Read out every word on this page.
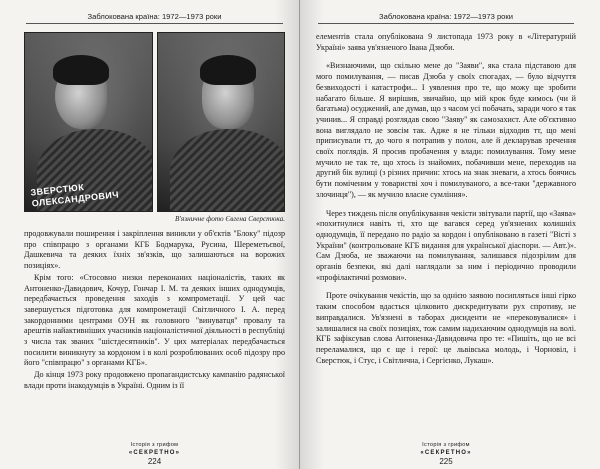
Заблокована країна: 1972—1973 роки
ЗВЕРСТЮК
ОЛЕКСАНДРОВИЧ
В'язничне фото Євгена Сверстюка.

продовжували поширення і закріплення виникли у об'єктів "Блоку" підозр про співпрацю з органами КГБ Бодмарука, Русина, Шереметьєвої, Дашкевича та деяких їхніх зв'язків, що залишаються на ворожих позиціях».

Крім того: «Стосовно низки переконаних націоналістів, таких як Антоненко-Давидович, Кочур, Гончар І. М. та деяких інших однодумців, передбачається проведення заходів з компрометації. У цей час завершується підготовка для компрометації Світличного І. А. перед закордонними центрами ОУН як головного "винуватця" провалу та арештів найактивніших учасників націоналістичної діяльності в республіці з числа так званих "шістдесятників". У цих матеріалах передбачається посилити виникнуту за кордоном і в колі розроблюваних особ підозру про його "співпрацю" з органами КГБ».

До кінця 1973 року продовжено пропагандистську кампанію радянської влади проти інакодумців в Україні. Одним із її

Історія з грифом
«СЕКРЕТНО»
224
Заблокована країна: 1972—1973 роки

елементів стала опублікована 9 листопада 1973 року в «Літературній Україні» заява ув'язненого Івана Дзюби.

«Визнаючими, що скільно мене до "Заяви", яка стала підставою для мого помилування, — писав Дзюба у своїх спогадах, — було відчуття безвиходості і катастрофи... І уявлення про те, що можу ще зробити набагато більше. Я вирішив, звичайно, що мій крок буде кимось (чи й багатьма) осуджений, але думав, що з часом усі побачать, заради чого я так учинив... Я справді розглядав свою "Заяву" як самозахист. Але об'єктивно вона виглядало не зовсім так. Адже я не тільки відходив тт, що мені приписували тт, до чого я потрапив у полон, але й декларував зречення своїх поглядів. Я просив пробачення у влади: помилування. Тому мене мучило не так те, що хтось із знайомих, побачивши мене, переходив на другий бік вулиці (з різних причин: хтось на знак зневаги, а хтось боячись бути поміченим у товаристві хоч і помилуваного, а все-таки "державного злочинця"), — як мучило власне сумління».

Через тиждень після опублікування чекісти звітували партії, що «Заява» «похитнулися навіть ті, хто ще вагався серед ув'язнених колишніх однодумців, її передано по радіо за кордон і опубліковано в газеті "Вісті з України" (контрольоване КГБ видання для української діаспори. — Авт.)». Сам Дзюба, не зважаючи на помилування, залишався підозрілим для органів безпеки, які далі наглядали за ним і періодично проводили «профілактичні розмови».

Проте очікування чекістів, що за однією заявою посипляться інші гірко таким способом вдасться цілковито дискредитувати рух спротиву, не виправдалися. Ув'язнені в таборах дисиденти не «перековувалися» і залишалися на своїх позиціях, тож самим надихаючим однодумців на волі. КГБ зафіксував слова Антоненка-Давидовича про те: «Пишіть, що не всі переламалися, що є ще і герої: це львівська молодь, і Чорновіл, і Сверстюк, і Стус, і Світлична, і Сергієнко, Лукаш».

Історія з грифом
«СЕКРЕТНО»
225
